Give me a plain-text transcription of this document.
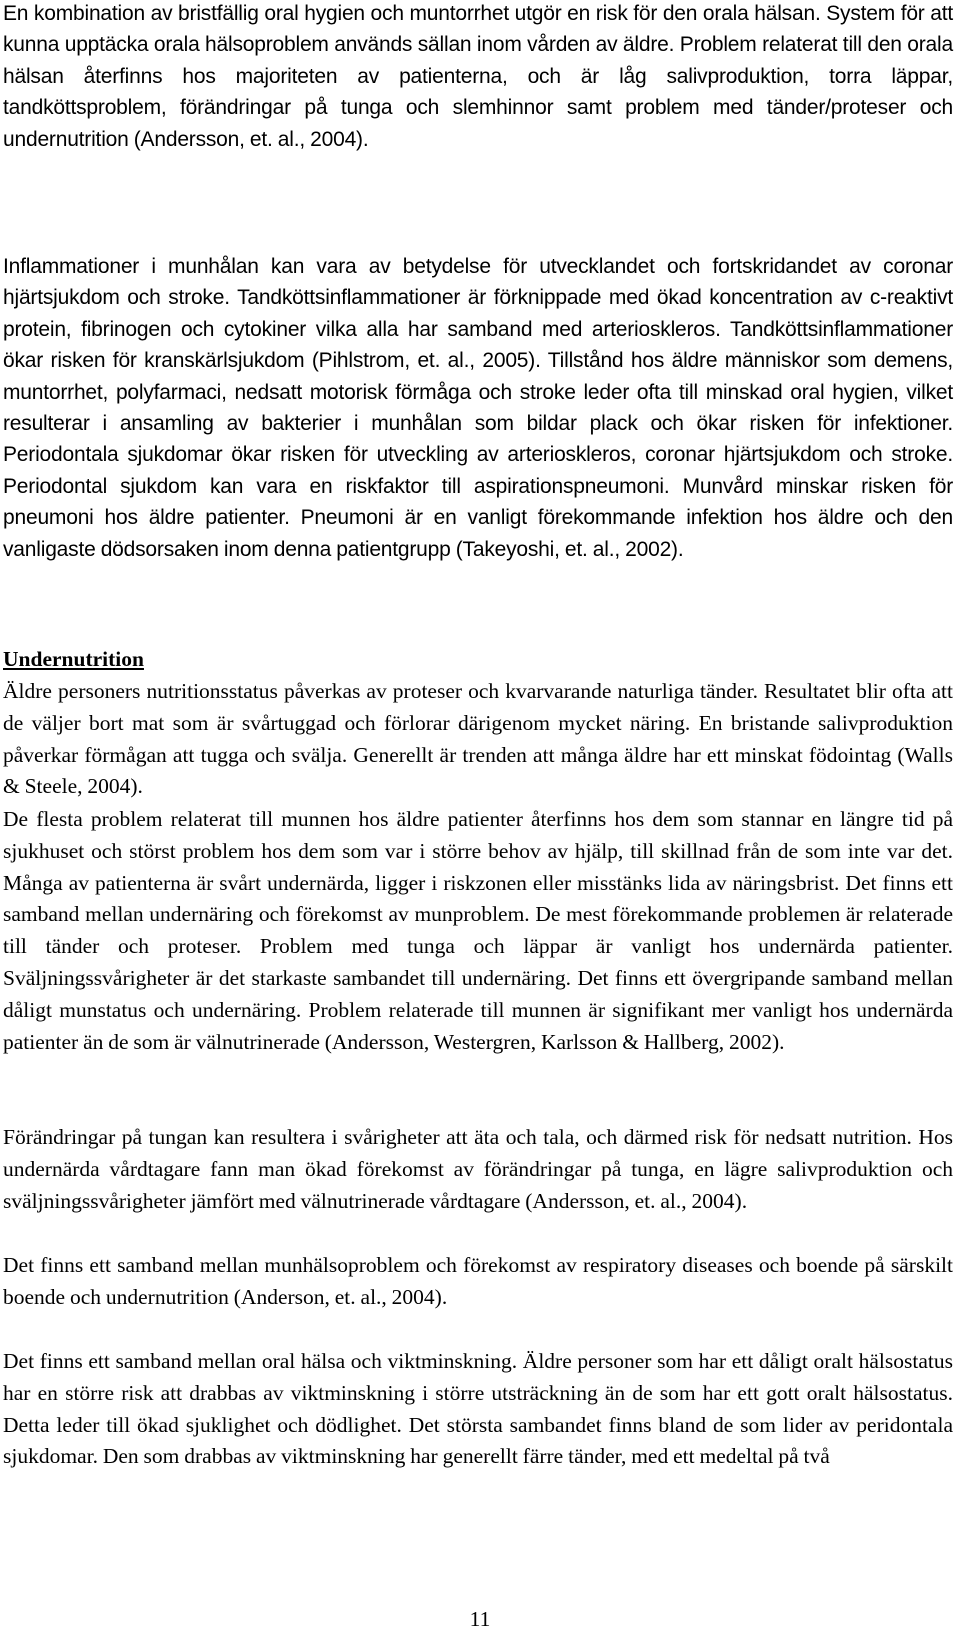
En kombination av bristfällig oral hygien och muntorrhet utgör en risk för den orala hälsan. System för att kunna upptäcka orala hälsoproblem används sällan inom vården av äldre. Problem relaterat till den orala hälsan återfinns hos majoriteten av patienterna, och är låg salivproduktion, torra läppar, tandköttsproblem, förändringar på tunga och slemhinnor samt problem med tänder/proteser och undernutrition (Andersson, et. al., 2004).

Inflammationer i munhålan kan vara av betydelse för utvecklandet och fortskridandet av coronar hjärtsjukdom och stroke. Tandköttsinflammationer är förknippade med ökad koncentration av c-reaktivt protein, fibrinogen och cytokiner vilka alla har samband med arterioskleros. Tandköttsinflammationer ökar risken för kranskärlsjukdom (Pihlstrom, et. al., 2005). Tillstånd hos äldre människor som demens, muntorrhet, polyfarmaci, nedsatt motorisk förmåga och stroke leder ofta till minskad oral hygien, vilket resulterar i ansamling av bakterier i munhålan som bildar plack och ökar risken för infektioner. Periodontala sjukdomar ökar risken för utveckling av arterioskleros, coronar hjärtsjukdom och stroke. Periodontal sjukdom kan vara en riskfaktor till aspirationspneumoni. Munvård minskar risken för pneumoni hos äldre patienter. Pneumoni är en vanligt förekommande infektion hos äldre och den vanligaste dödsorsaken inom denna patientgrupp (Takeyoshi, et. al., 2002).

Undernutrition

Äldre personers nutritionsstatus påverkas av proteser och kvarvarande naturliga tänder. Resultatet blir ofta att de väljer bort mat som är svårtuggad och förlorar därigenom mycket näring. En bristande salivproduktion påverkar förmågan att tugga och svälja. Generellt är trenden att många äldre har ett minskat födointag (Walls & Steele, 2004).

De flesta problem relaterat till munnen hos äldre patienter återfinns hos dem som stannar en längre tid på sjukhuset och störst problem hos dem som var i större behov av hjälp, till skillnad från de som inte var det. Många av patienterna är svårt undernärda, ligger i riskzonen eller misstänks lida av näringsbrist. Det finns ett samband mellan undernäring och förekomst av munproblem. De mest förekommande problemen är relaterade till tänder och proteser. Problem med tunga och läppar är vanligt hos undernärda patienter. Sväljningssvårigheter är det starkaste sambandet till undernäring. Det finns ett övergripande samband mellan dåligt munstatus och undernäring. Problem relaterade till munnen är signifikant mer vanligt hos undernärda patienter än de som är välnutrinerade (Andersson, Westergren, Karlsson & Hallberg, 2002).

Förändringar på tungan kan resultera i svårigheter att äta och tala, och därmed risk för nedsatt nutrition. Hos undernärda vårdtagare fann man ökad förekomst av förändringar på tunga, en lägre salivproduktion och sväljningssvårigheter jämfört med välnutrinerade vårdtagare (Andersson, et. al., 2004).

Det finns ett samband mellan munhälsoproblem och förekomst av respiratory diseases och boende på särskilt boende och undernutrition (Anderson, et. al., 2004).

Det finns ett samband mellan oral hälsa och viktminskning. Äldre personer som har ett dåligt oralt hälsostatus har en större risk att drabbas av viktminskning i större utsträckning än de som har ett gott oralt hälsostatus. Detta leder till ökad sjuklighet och dödlighet. Det största sambandet finns bland de som lider av peridontala sjukdomar. Den som drabbas av viktminskning har generellt färre tänder, med ett medeltal på två

11
